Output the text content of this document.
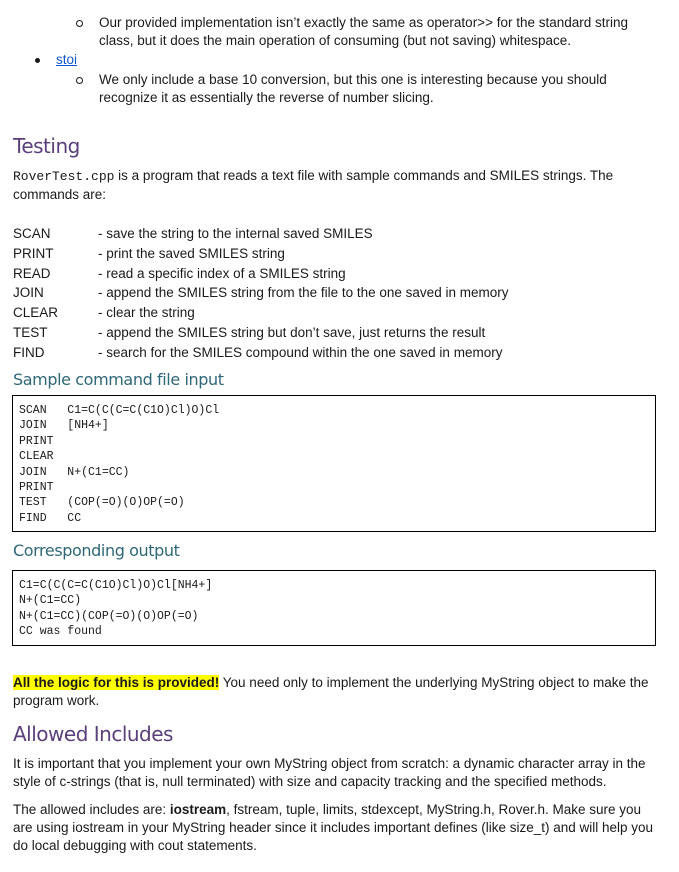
Our provided implementation isn’t exactly the same as operator>> for the standard string class, but it does the main operation of consuming (but not saving) whitespace.
stoi
We only include a base 10 conversion, but this one is interesting because you should recognize it as essentially the reverse of number slicing.
Testing
RoverTest.cpp is a program that reads a text file with sample commands and SMILES strings. The commands are:
SCAN	- save the string to the internal saved SMILES
PRINT	- print the saved SMILES string
READ	- read a specific index of a SMILES string
JOIN	- append the SMILES string from the file to the one saved in memory
CLEAR	- clear the string
TEST	- append the SMILES string but don’t save, just returns the result
FIND	- search for the SMILES compound within the one saved in memory
Sample command file input
SCAN   C1=C(C(C=C(C1O)Cl)O)Cl
JOIN   [NH4+]
PRINT
CLEAR
JOIN   N+(C1=CC)
PRINT
TEST   (COP(=O)(O)OP(=O)
FIND   CC
Corresponding output
C1=C(C(C=C(C1O)Cl)O)Cl[NH4+]
N+(C1=CC)
N+(C1=CC)(COP(=O)(O)OP(=O)
CC was found
All the logic for this is provided! You need only to implement the underlying MyString object to make the program work.
Allowed Includes
It is important that you implement your own MyString object from scratch: a dynamic character array in the style of c-strings (that is, null terminated) with size and capacity tracking and the specified methods.
The allowed includes are: iostream, fstream, tuple, limits, stdexcept, MyString.h, Rover.h. Make sure you are using iostream in your MyString header since it includes important defines (like size_t) and will help you do local debugging with cout statements.
